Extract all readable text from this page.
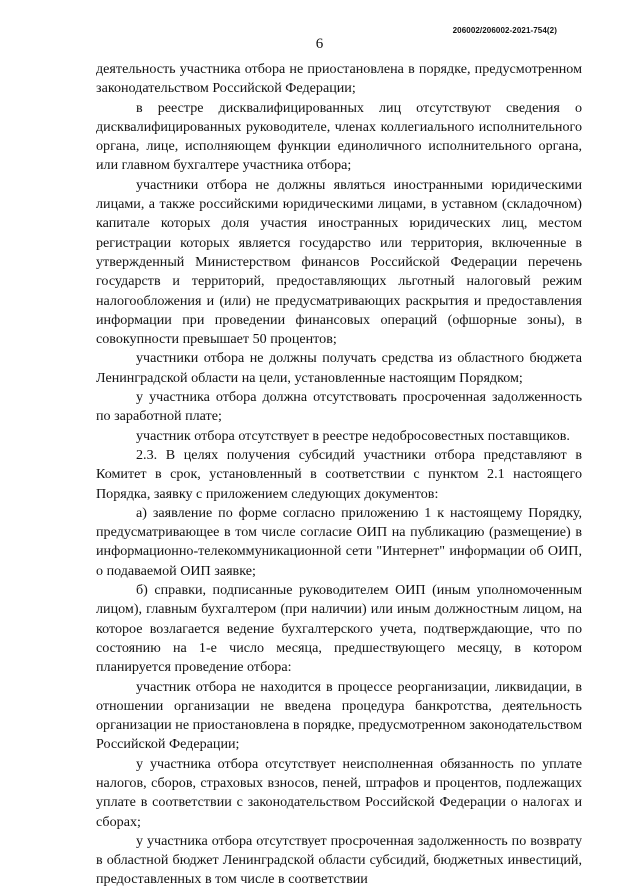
206002/206002-2021-754(2)
6

деятельность участника отбора не приостановлена в порядке, предусмотренном законодательством Российской Федерации;

в реестре дисквалифицированных лиц отсутствуют сведения о дисквалифицированных руководителе, членах коллегиального исполнительного органа, лице, исполняющем функции единоличного исполнительного органа, или главном бухгалтере участника отбора;

участники отбора не должны являться иностранными юридическими лицами, а также российскими юридическими лицами, в уставном (складочном) капитале которых доля участия иностранных юридических лиц, местом регистрации которых является государство или территория, включенные в утвержденный Министерством финансов Российской Федерации перечень государств и территорий, предоставляющих льготный налоговый режим налогообложения и (или) не предусматривающих раскрытия и предоставления информации при проведении финансовых операций (офшорные зоны), в совокупности превышает 50 процентов;

участники отбора не должны получать средства из областного бюджета Ленинградской области на цели, установленные настоящим Порядком;

у участника отбора должна отсутствовать просроченная задолженность по заработной плате;

участник отбора отсутствует в реестре недобросовестных поставщиков.

2.3. В целях получения субсидий участники отбора представляют в Комитет в срок, установленный в соответствии с пунктом 2.1 настоящего Порядка, заявку с приложением следующих документов:

а) заявление по форме согласно приложению 1 к настоящему Порядку, предусматривающее в том числе согласие ОИП на публикацию (размещение) в информационно-телекоммуникационной сети "Интернет" информации об ОИП, о подаваемой ОИП заявке;

б) справки, подписанные руководителем ОИП (иным уполномоченным лицом), главным бухгалтером (при наличии) или иным должностным лицом, на которое возлагается ведение бухгалтерского учета, подтверждающие, что по состоянию на 1-е число месяца, предшествующего месяцу, в котором планируется проведение отбора:

участник отбора не находится в процессе реорганизации, ликвидации, в отношении организации не введена процедура банкротства, деятельность организации не приостановлена в порядке, предусмотренном законодательством Российской Федерации;

у участника отбора отсутствует неисполненная обязанность по уплате налогов, сборов, страховых взносов, пеней, штрафов и процентов, подлежащих уплате в соответствии с законодательством Российской Федерации о налогах и сборах;

у участника отбора отсутствует просроченная задолженность по возврату в областной бюджет Ленинградской области субсидий, бюджетных инвестиций, предоставленных в том числе в соответствии
